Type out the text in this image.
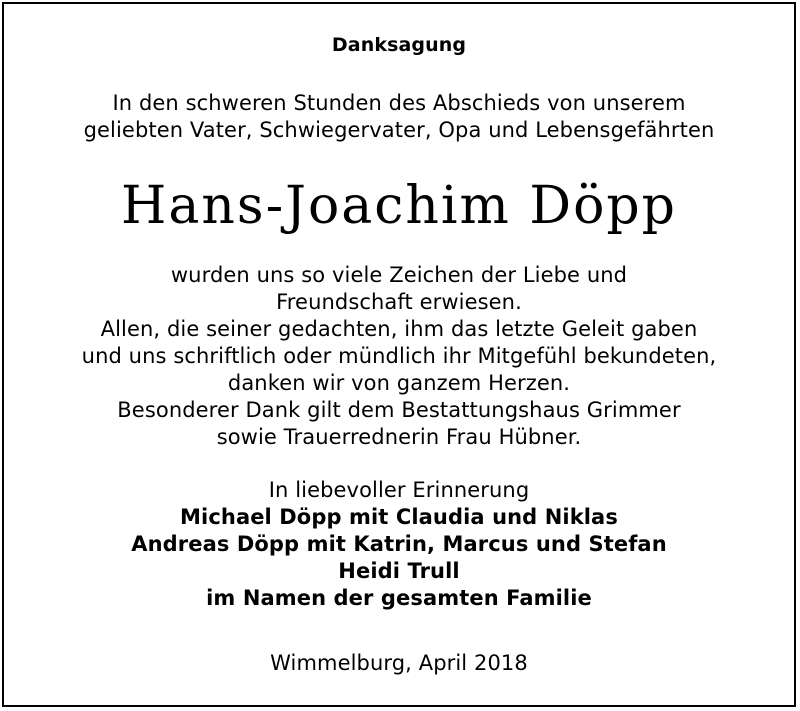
Danksagung
In den schweren Stunden des Abschieds von unserem
geliebten Vater, Schwiegervater, Opa und Lebensgefährten
Hans-Joachim Döpp
wurden uns so viele Zeichen der Liebe und
Freundschaft erwiesen.
Allen, die seiner gedachten, ihm das letzte Geleit gaben
und uns schriftlich oder mündlich ihr Mitgefühl bekundeten,
danken wir von ganzem Herzen.
Besonderer Dank gilt dem Bestattungshaus Grimmer
sowie Trauerrednerin Frau Hübner.
In liebevoller Erinnerung
Michael Döpp mit Claudia und Niklas
Andreas Döpp mit Katrin, Marcus und Stefan
Heidi Trull
im Namen der gesamten Familie
Wimmelburg, April 2018
